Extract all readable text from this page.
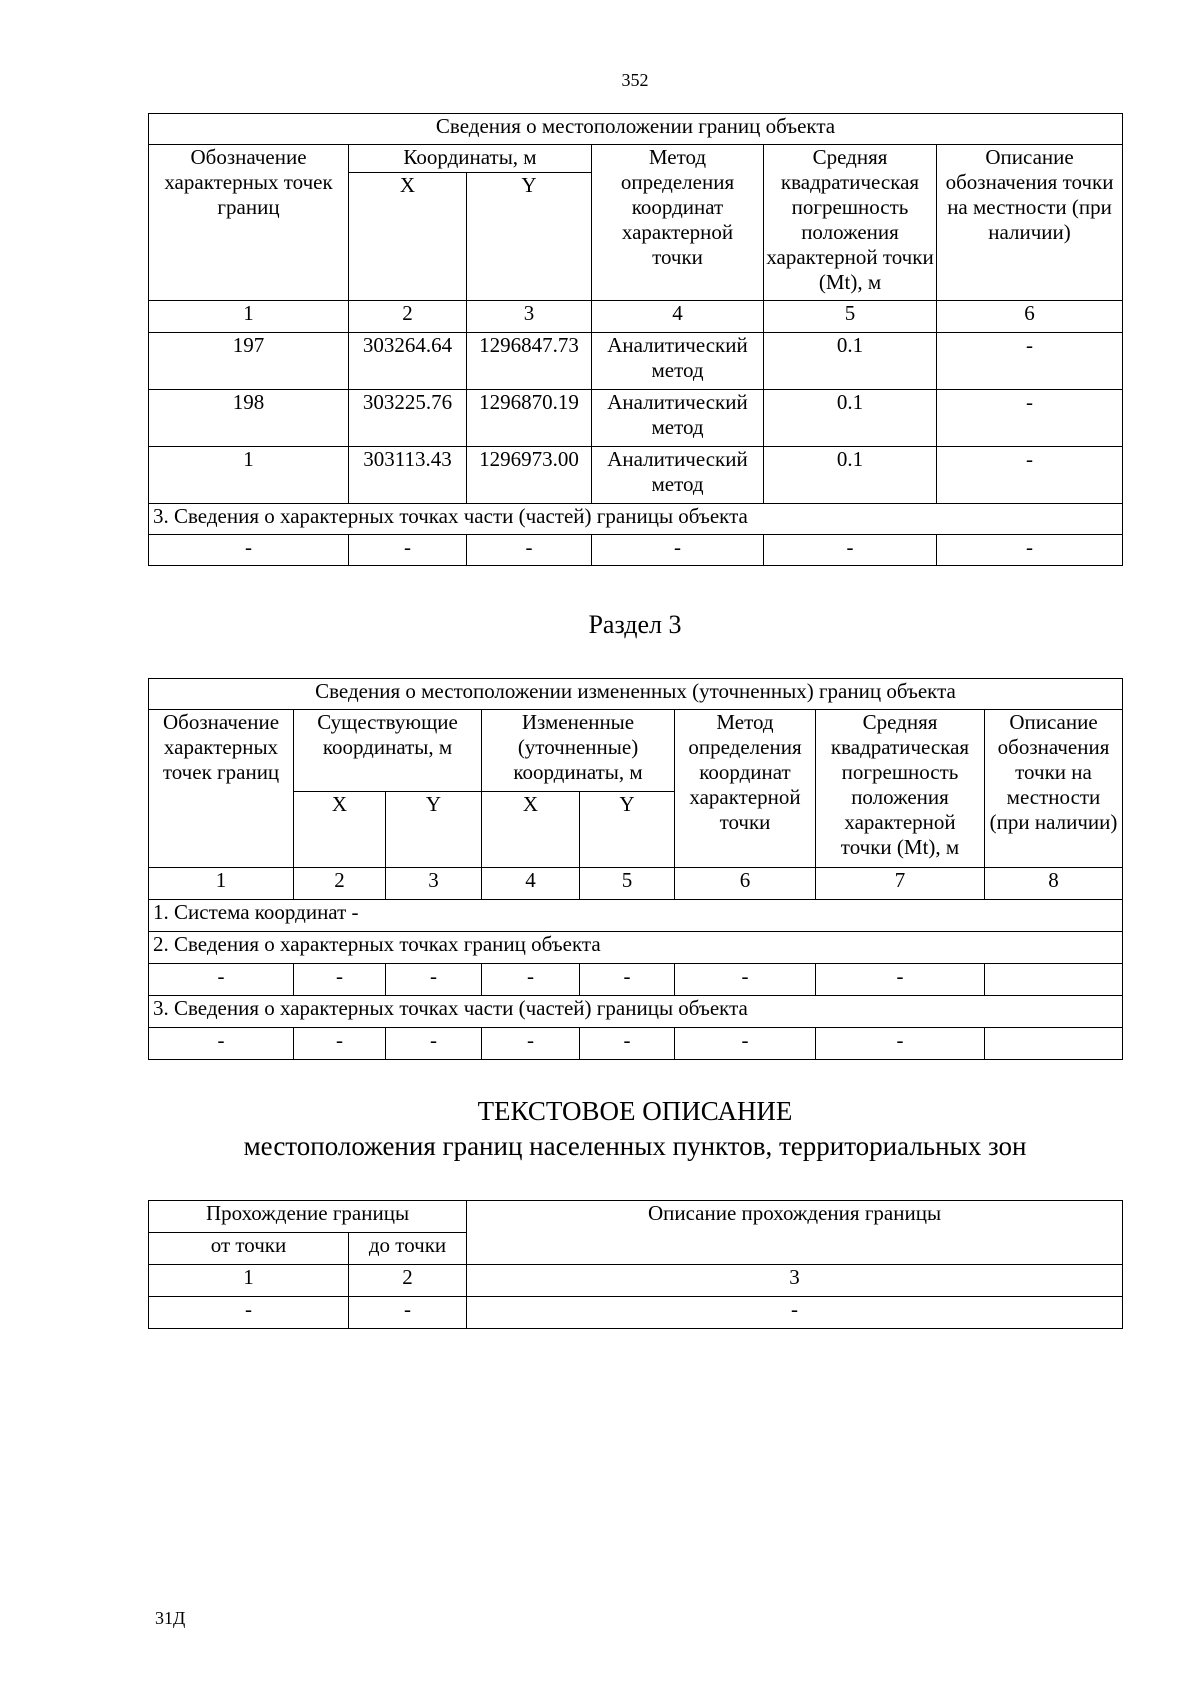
352
Сведения о местоположении границ объекта					
Обозначение характерных точек границ	Координаты, м		Метод определения координат характерной точки	Средняя квадратическая погрешность положения характерной точки (Mt), м	Описание обозначения точки на местности (при наличии)
	X	Y			
1	2	3	4	5	6
197	303264.64	1296847.73	Аналитический метод	0.1	-
198	303225.76	1296870.19	Аналитический метод	0.1	-
1	303113.43	1296973.00	Аналитический метод	0.1	-
3. Сведения о характерных точках части (частей) границы объекта					
-	-	-	-	-	-
Раздел 3
Сведения о местоположении измененных (уточненных) границ объекта							
Обозначение характерных точек границ	Существующие координаты, м		Измененные (уточненные) координаты, м		Метод определения координат характерной точки	Средняя квадратическая погрешность положения характерной точки (Mt), м	Описание обозначения точки на местности (при наличии)
	X	Y	X	Y			
1	2	3	4	5	6	7	8
1. Система координат -							
2. Сведения о характерных точках границ объекта							
-	-	-	-	-	-	-	
3. Сведения о характерных точках части (частей) границы объекта							
-	-	-	-	-	-	-	
ТЕКСТОВОЕ ОПИСАНИЕ
местоположения границ населенных пунктов, территориальных зон
Прохождение границы		Описание прохождения границы
от точки	до точки	
1	2	3
-	-	-
31Д
